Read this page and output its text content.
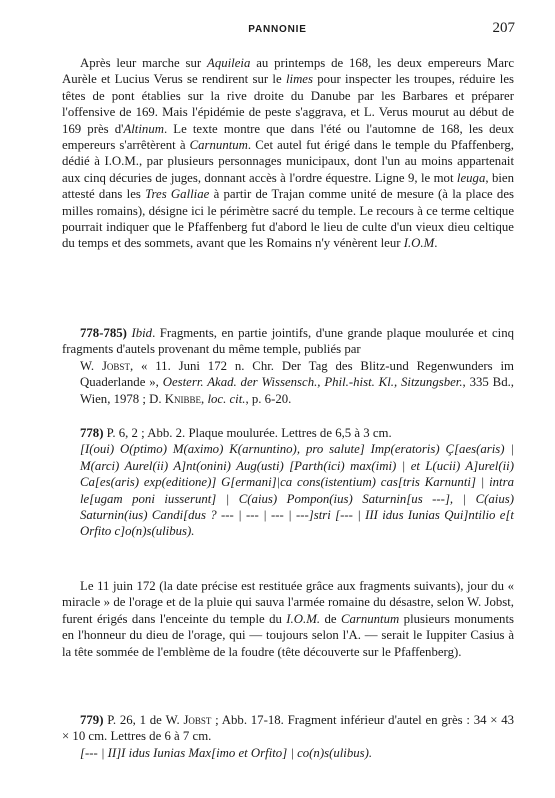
PANNONIE	207

Après leur marche sur Aquileia au printemps de 168, les deux empereurs Marc Aurèle et Lucius Verus se rendirent sur le limes pour inspecter les troupes, réduire les têtes de pont établies sur la rive droite du Danube par les Barbares et préparer l'offensive de 169. Mais l'épidémie de peste s'aggrava, et L. Verus mourut au début de 169 près d'Altinum. Le texte montre que dans l'été ou l'automne de 168, les deux empereurs s'arrêtèrent à Carnuntum. Cet autel fut érigé dans le temple du Pfaffenberg, dédié à I.O.M., par plusieurs personnages municipaux, dont l'un au moins appartenait aux cinq décuries de juges, donnant accès à l'ordre équestre. Ligne 9, le mot leuga, bien attesté dans les Tres Galliae à partir de Trajan comme unité de mesure (à la place des milles romains), désigne ici le périmètre sacré du temple. Le recours à ce terme celtique pourrait indiquer que le Pfaffenberg fut d'abord le lieu de culte d'un vieux dieu celtique du temps et des sommets, avant que les Romains n'y vénèrent leur I.O.M.

778-785) Ibid. Fragments, en partie jointifs, d'une grande plaque moulurée et cinq fragments d'autels provenant du même temple, publiés par

W. Jobst, « 11. Juni 172 n. Chr. Der Tag des Blitz-und Regenwunders im Quaderlande », Oesterr. Akad. der Wissensch., Phil.-hist. Kl., Sitzungsber., 335 Bd., Wien, 1978 ; D. Knibbe, loc. cit., p. 6-20.

778) P. 6, 2 ; Abb. 2. Plaque moulurée. Lettres de 6,5 à 3 cm.

[I(oui) O(ptimo) M(aximo) K(arnuntino), pro salute] Imp(eratoris) Ç[aes(aris) | M(arci) Aurel(ii) A]nt(onini) Aug(usti) [Parth(ici) max(imi) | et L(ucii) A]urel(ii) Ca[es(aris) exp(editione)] G[ermani]|ca cons(istentium) cas[tris Karnunti] | intra le[ugam poni iusserunt] | C(aius) Pompon(ius) Saturnin[us ---], | C(aius) Saturnin(ius) Candi[dus ? --- | --- | --- | ---]stri [--- | III idus Iunias Qui]ntilio e[t Orfito c]o(n)s(ulibus).

Le 11 juin 172 (la date précise est restituée grâce aux fragments suivants), jour du « miracle » de l'orage et de la pluie qui sauva l'armée romaine du désastre, selon W. Jobst, furent érigés dans l'enceinte du temple du I.O.M. de Carnuntum plusieurs monuments en l'honneur du dieu de l'orage, qui — toujours selon l'A. — serait le Iuppiter Casius à la tête sommée de l'emblème de la foudre (tête découverte sur le Pfaffenberg).

779) P. 26, 1 de W. Jobst ; Abb. 17-18. Fragment inférieur d'autel en grès : 34 × 43 × 10 cm. Lettres de 6 à 7 cm.

[--- | II]I idus Iunias Max[imo et Orfito] | co(n)s(ulibus).
